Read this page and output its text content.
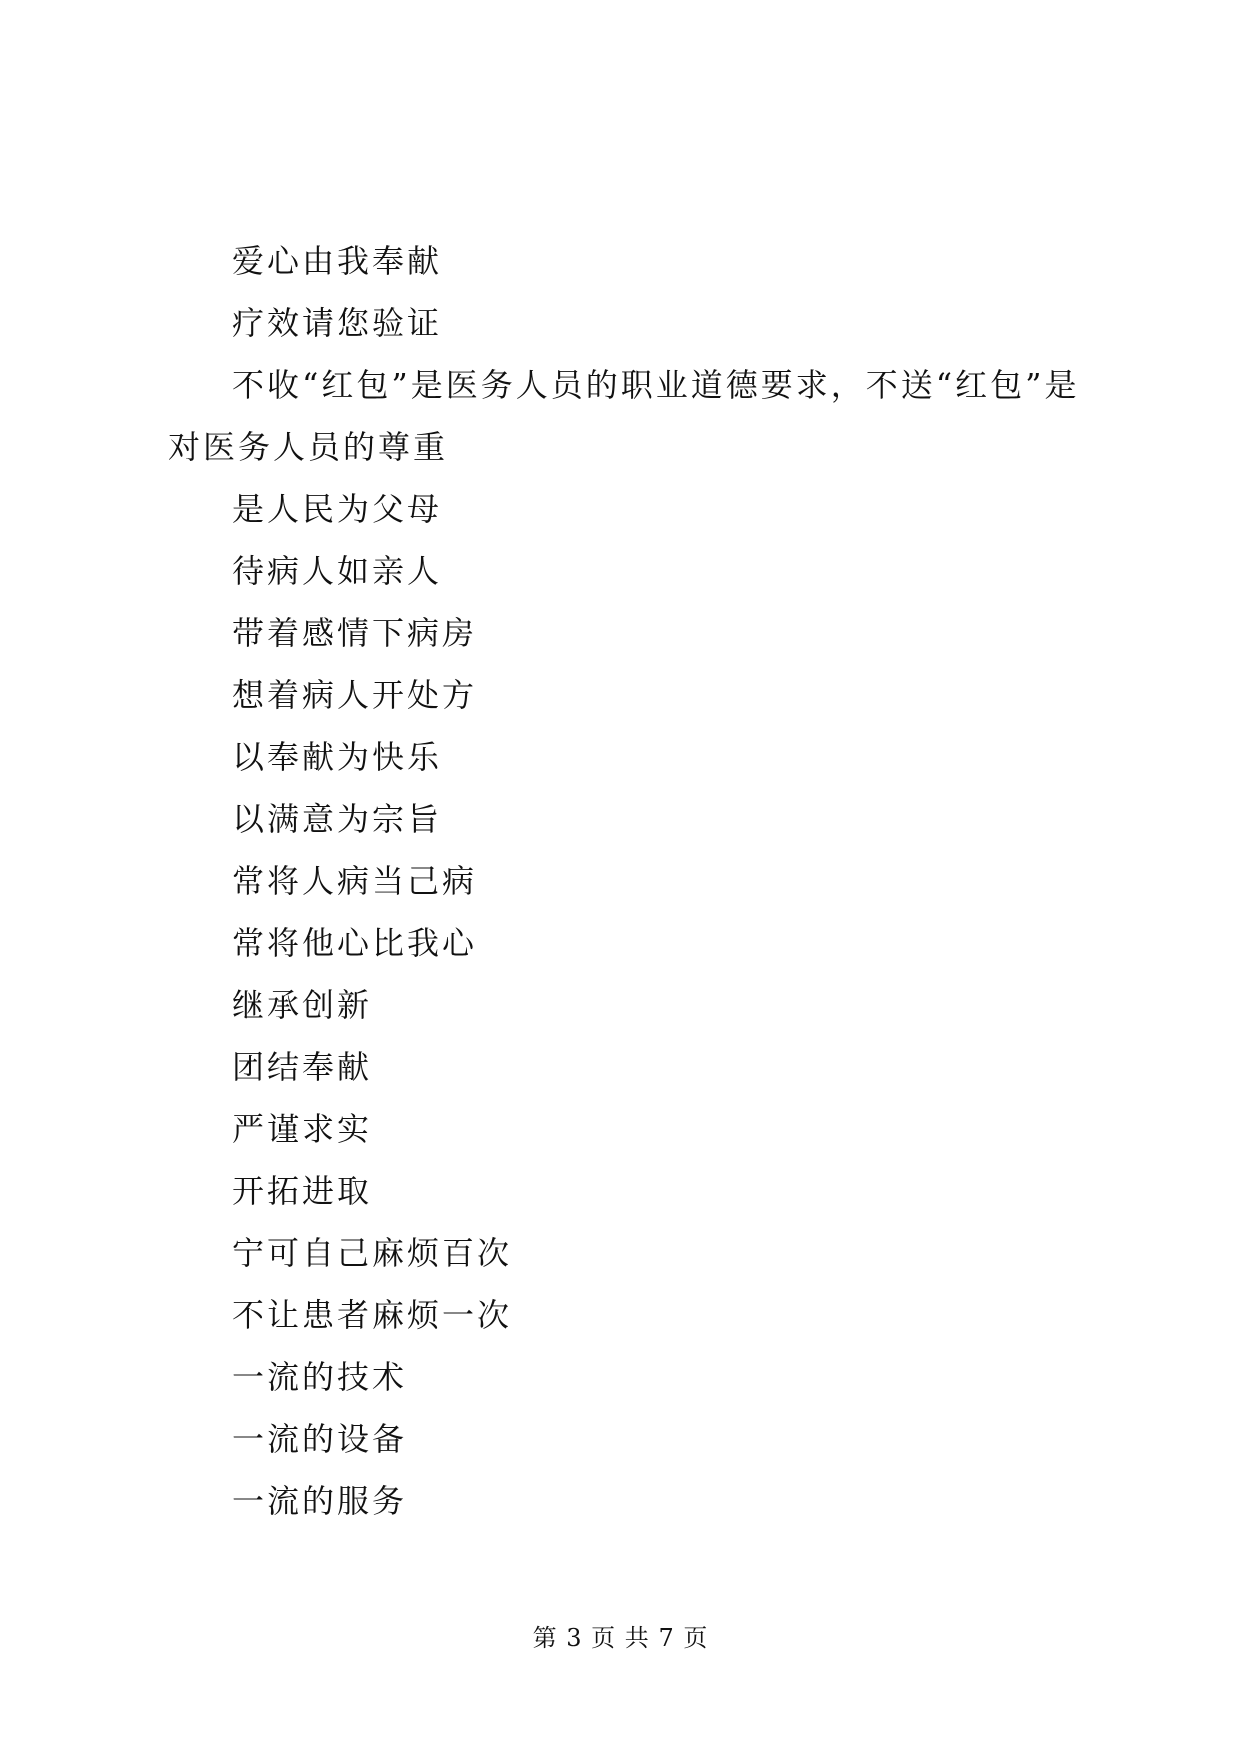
爱心由我奉献
疗效请您验证
不收“红包”是医务人员的职业道德要求，不送“红包”是
对医务人员的尊重
是人民为父母
待病人如亲人
带着感情下病房
想着病人开处方
以奉献为快乐
以满意为宗旨
常将人病当己病
常将他心比我心
继承创新
团结奉献
严谨求实
开拓进取
宁可自己麻烦百次
不让患者麻烦一次
一流的技术
一流的设备
一流的服务
第 3 页 共 7 页
